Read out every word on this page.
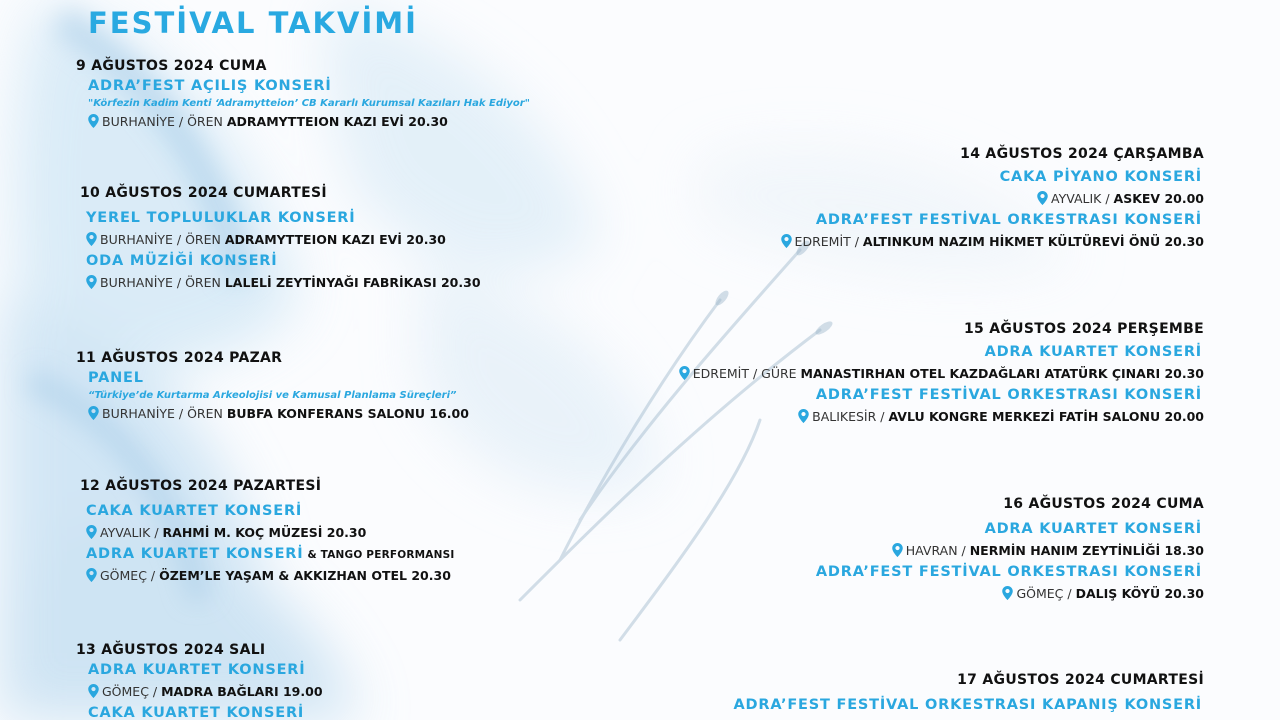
FESTİVAL TAKVİMİ
9 AĞUSTOS 2024 CUMA
ADRA’FEST AÇILIŞ KONSERİ
"Körfezin Kadim Kenti ‘Adramytteion’ CB Kararlı Kurumsal Kazıları Hak Ediyor"
BURHANİYE / ÖREN ADRAMYTTEION KAZI EVİ 20.30
10 AĞUSTOS 2024 CUMARTESİ
YEREL TOPLULUKLAR KONSERİ
BURHANİYE / ÖREN ADRAMYTTEION KAZI EVİ 20.30
ODA MÜZİĞİ KONSERİ
BURHANİYE / ÖREN LALELİ ZEYTİNYAĞI FABRİKASI 20.30
11 AĞUSTOS 2024 PAZAR
PANEL
“Türkiye’de Kurtarma Arkeolojisi ve Kamusal Planlama Süreçleri”
BURHANİYE / ÖREN BUBFA KONFERANS SALONU 16.00
12 AĞUSTOS 2024 PAZARTESİ
CAKA KUARTET KONSERİ
AYVALIK / RAHMİ M. KOÇ MÜZESİ 20.30
ADRA KUARTET KONSERİ & TANGO PERFORMANSI
GÖMEÇ / ÖZEM’LE YAŞAM & AKKIZHAN OTEL 20.30
13 AĞUSTOS 2024 SALI
ADRA KUARTET KONSERİ
GÖMEÇ / MADRA BAĞLARI 19.00
CAKA KUARTET KONSERİ
14 AĞUSTOS 2024 ÇARŞAMBA
CAKA PİYANO KONSERİ
AYVALIK / ASKEV 20.00
ADRA’FEST FESTİVAL ORKESTRASI KONSERİ
EDREMİT / ALTINKUM NAZIM HİKMET KÜLTÜREVİ ÖNÜ 20.30
15 AĞUSTOS 2024 PERŞEMBE
ADRA KUARTET KONSERİ
EDREMİT / GÜRE MANASTIRHAN OTEL KAZDAĞLARI ATATÜRK ÇINARI 20.30
ADRA’FEST FESTİVAL ORKESTRASI KONSERİ
BALIKESİR / AVLU KONGRE MERKEZİ FATİH SALONU 20.00
16 AĞUSTOS 2024 CUMA
ADRA KUARTET KONSERİ
HAVRAN / NERMİN HANIM ZEYTİNLİĞİ 18.30
ADRA’FEST FESTİVAL ORKESTRASI KONSERİ
GÖMEÇ / DALIŞ KÖYÜ 20.30
17 AĞUSTOS 2024 CUMARTESİ
ADRA’FEST FESTİVAL ORKESTRASI KAPANIŞ KONSERİ
